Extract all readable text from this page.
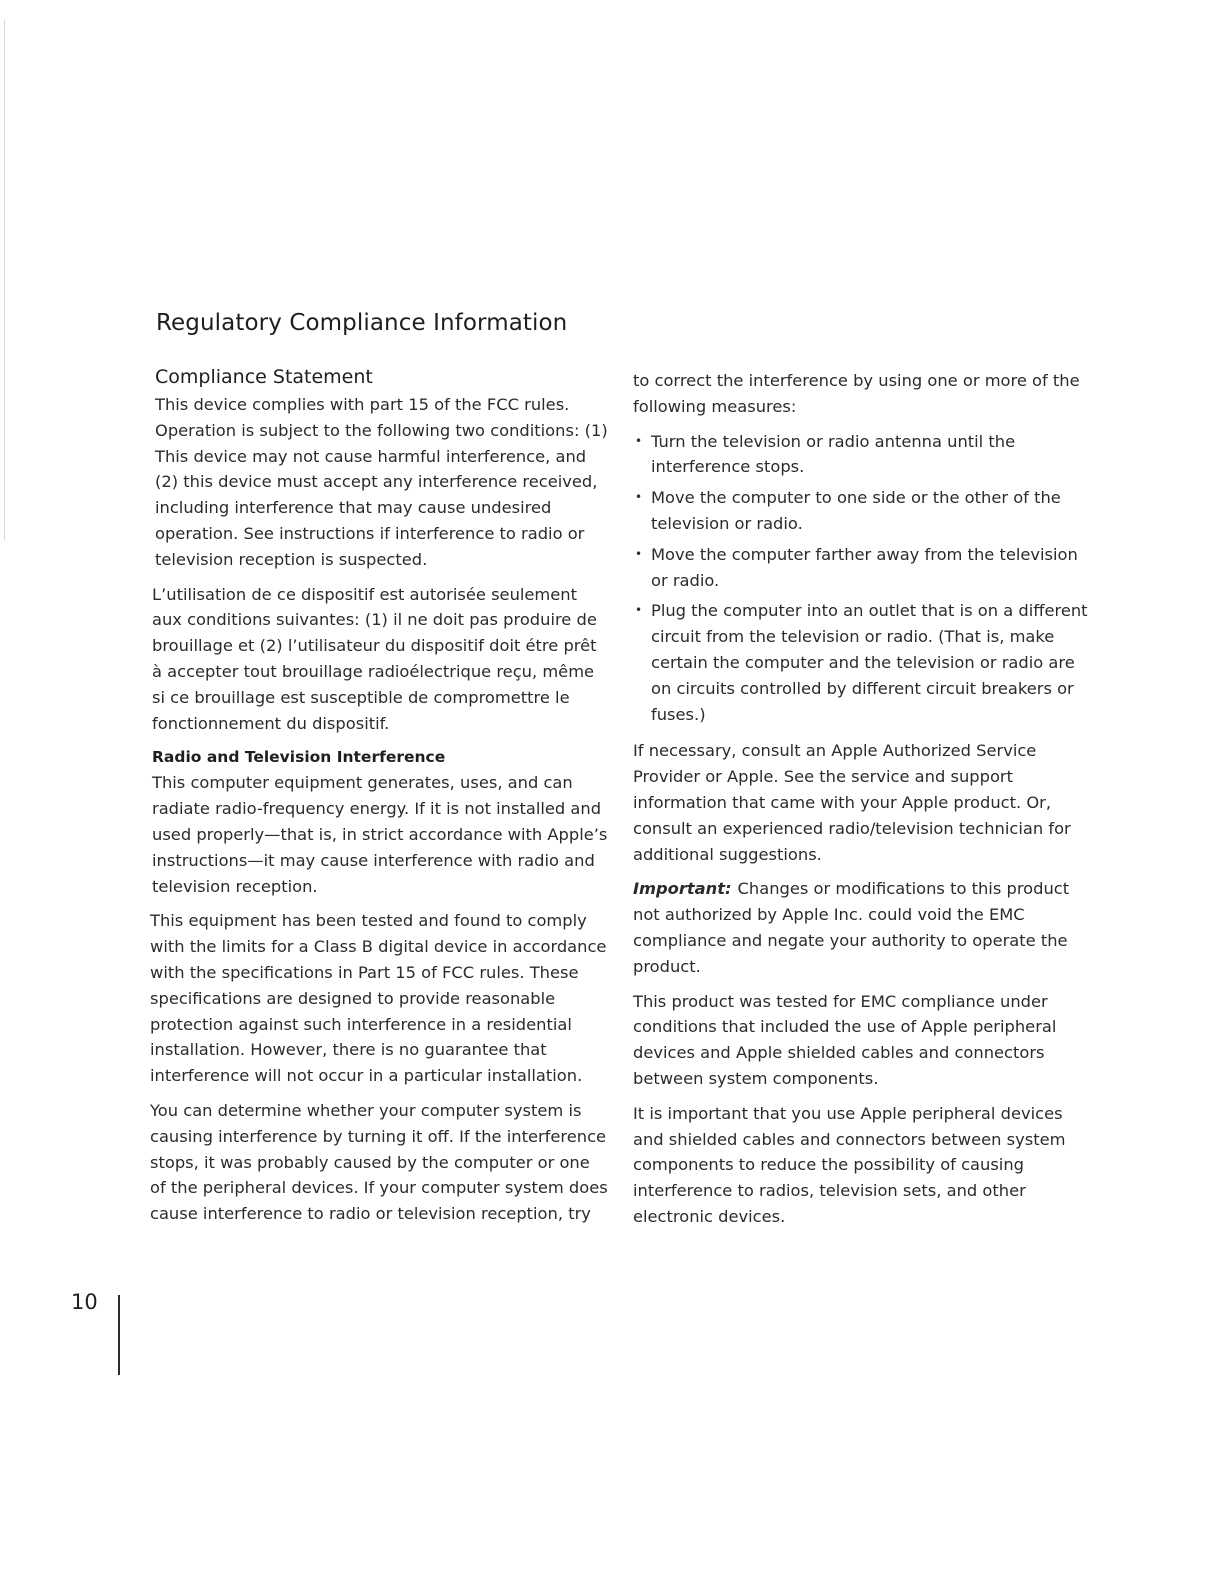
Regulatory Compliance Information
Compliance Statement

This device complies with part 15 of the FCC rules. Operation is subject to the following two conditions: (1) This device may not cause harmful interference, and (2) this device must accept any interference received, including interference that may cause undesired operation. See instructions if interference to radio or television reception is suspected.

L’utilisation de ce dispositif est autorisée seulement aux conditions suivantes: (1) il ne doit pas produire de brouillage et (2) l’utilisateur du dispositif doit étre prêt à accepter tout brouillage radioélectrique reçu, même si ce brouillage est susceptible de compromettre le fonctionnement du dispositif.

Radio and Television Interference

This computer equipment generates, uses, and can radiate radio-frequency energy. If it is not installed and used properly—that is, in strict accordance with Apple’s instructions—it may cause interference with radio and television reception.

This equipment has been tested and found to comply with the limits for a Class B digital device in accordance with the specifications in Part 15 of FCC rules. These specifications are designed to provide reasonable protection against such interference in a residential installation. However, there is no guarantee that interference will not occur in a particular installation.

You can determine whether your computer system is causing interference by turning it off. If the interference stops, it was probably caused by the computer or one of the peripheral devices. If your computer system does cause interference to radio or television reception, try

to correct the interference by using one or more of the following measures:

• Turn the television or radio antenna until the interference stops.
• Move the computer to one side or the other of the television or radio.
• Move the computer farther away from the television or radio.
• Plug the computer into an outlet that is on a different circuit from the television or radio. (That is, make certain the computer and the television or radio are on circuits controlled by different circuit breakers or fuses.)

If necessary, consult an Apple Authorized Service Provider or Apple. See the service and support information that came with your Apple product. Or, consult an experienced radio/television technician for additional suggestions.

Important: Changes or modifications to this product not authorized by Apple Inc. could void the EMC compliance and negate your authority to operate the product.

This product was tested for EMC compliance under conditions that included the use of Apple peripheral devices and Apple shielded cables and connectors between system components.

It is important that you use Apple peripheral devices and shielded cables and connectors between system components to reduce the possibility of causing interference to radios, television sets, and other electronic devices.

10
